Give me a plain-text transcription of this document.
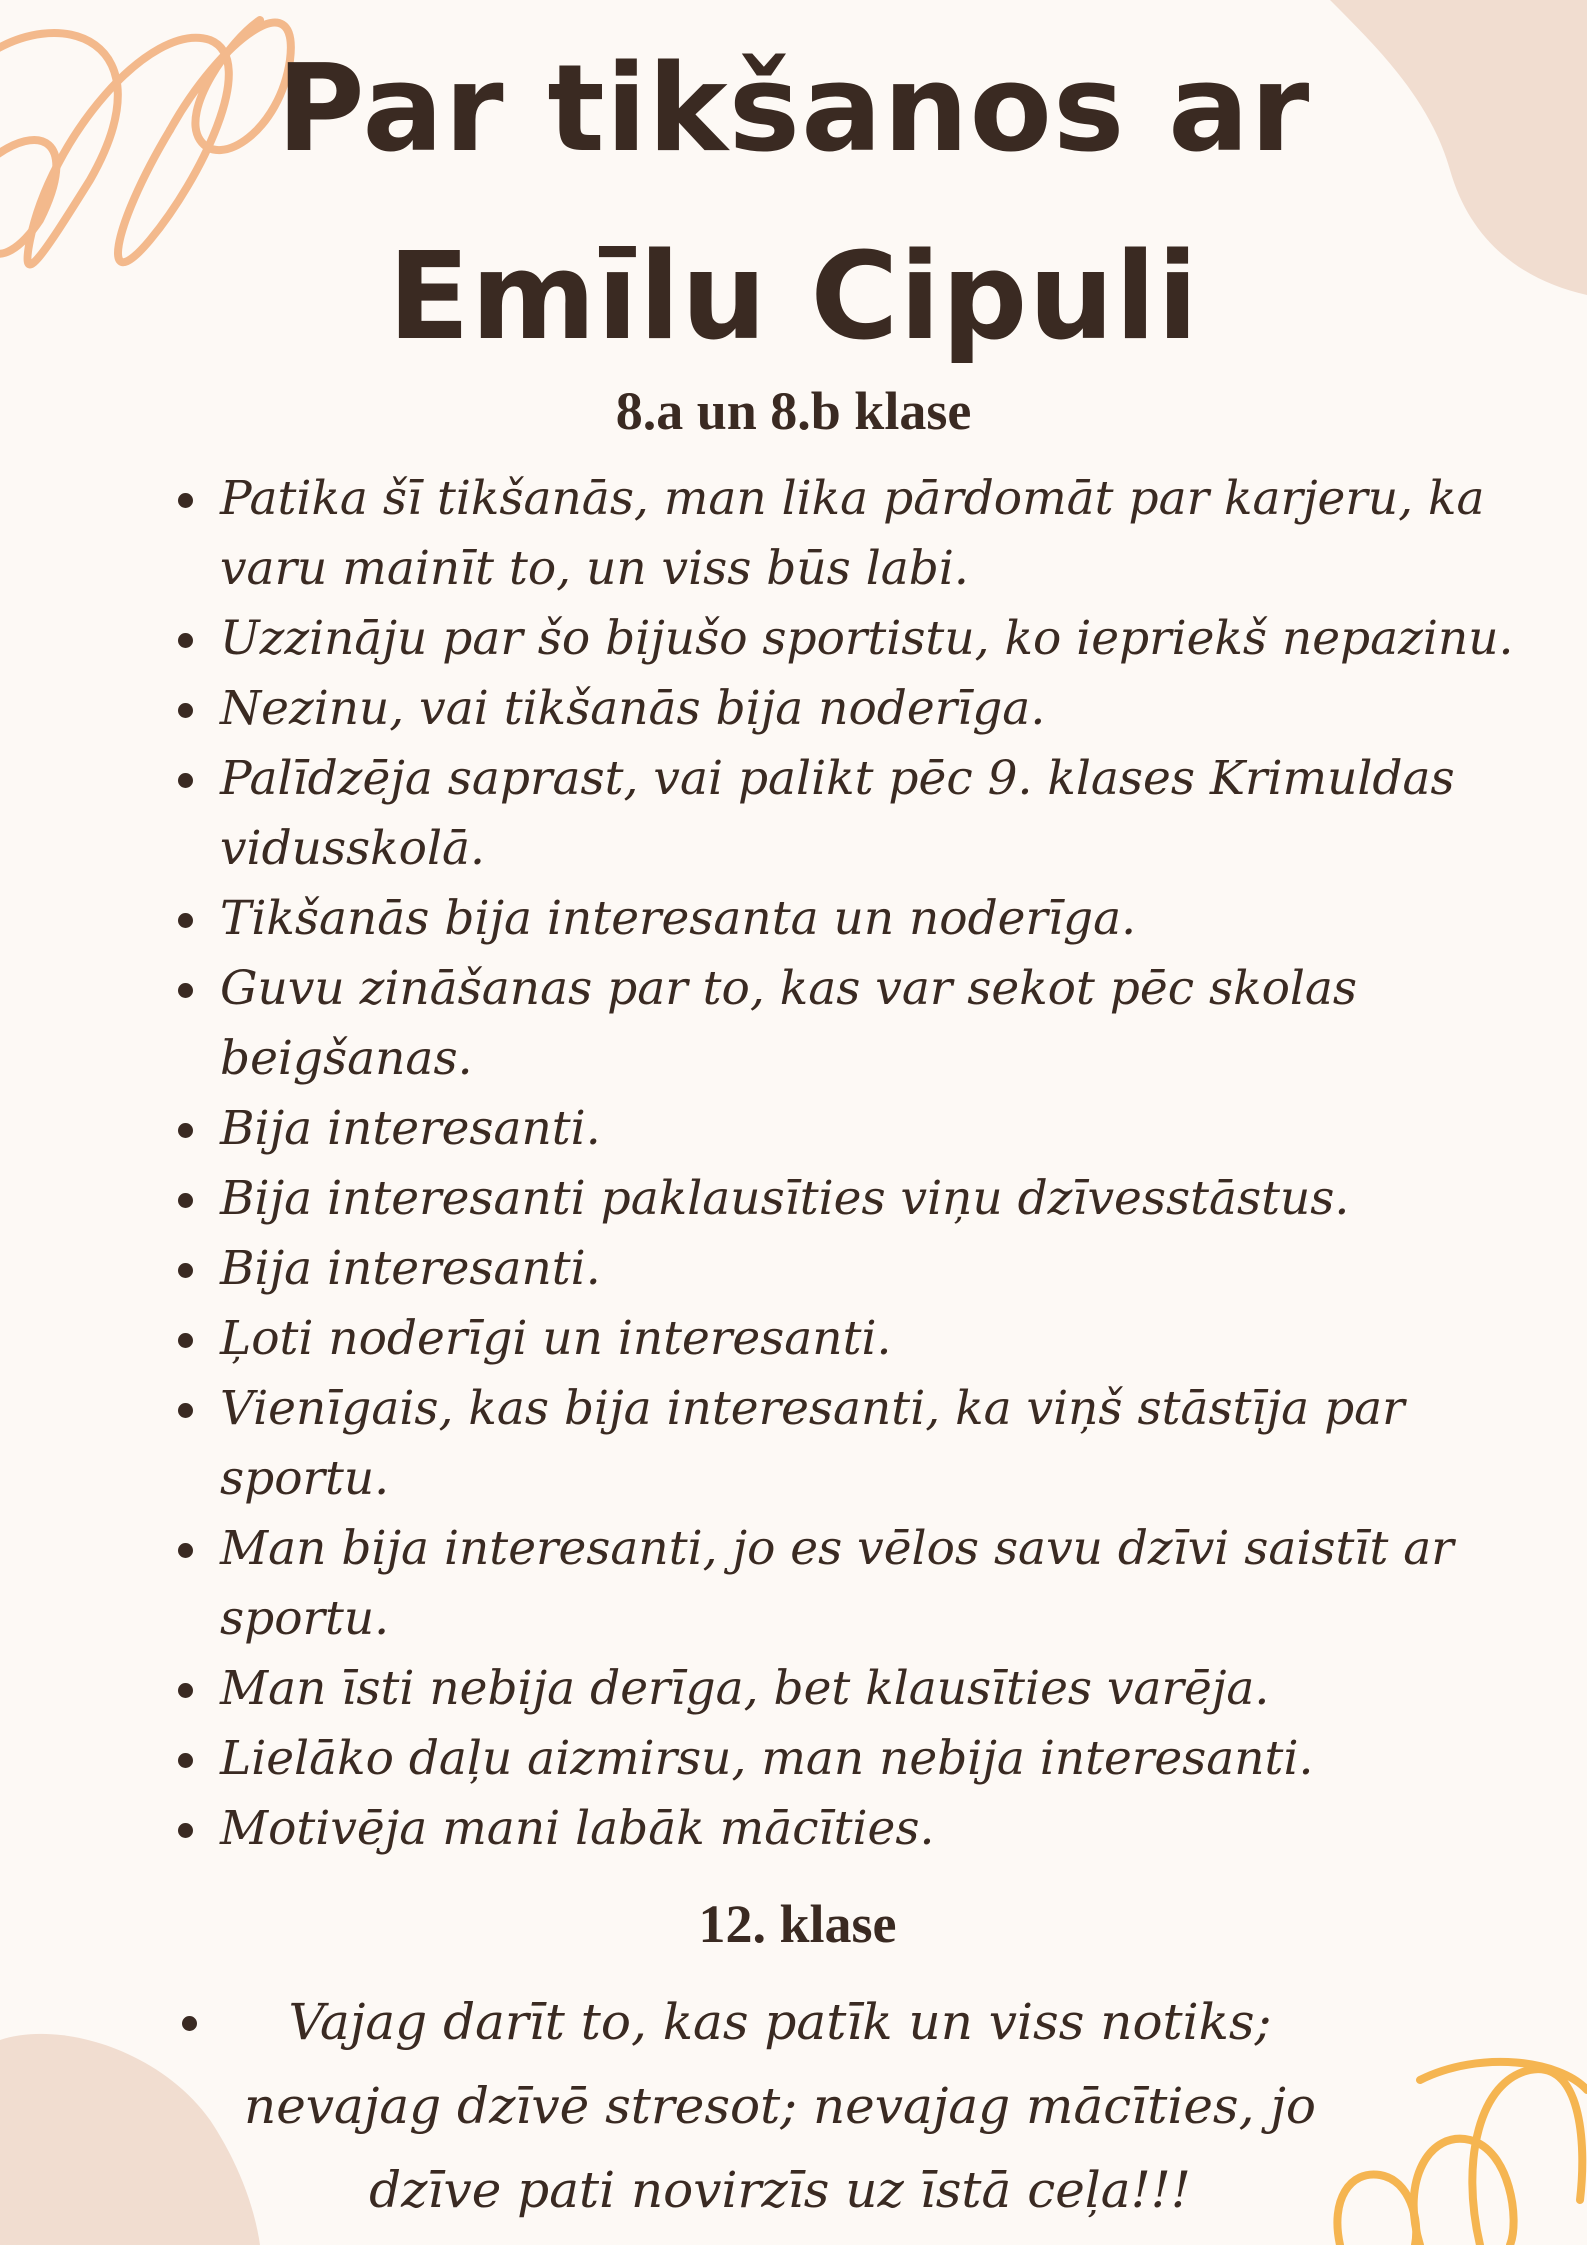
Par tikšanos ar
Emīlu Cipuli
8.a un 8.b klase
Patika šī tikšanās, man lika pārdomāt par karjeru, ka varu mainīt to, un viss būs labi.
Uzzināju par šo bijušo sportistu, ko iepriekš nepazinu.
Nezinu, vai tikšanās bija noderīga.
Palīdzēja saprast, vai palikt pēc 9. klases Krimuldas vidusskolā.
Tikšanās bija interesanta un noderīga.
Guvu zināšanas par to, kas var sekot pēc skolas beigšanas.
Bija interesanti.
Bija interesanti paklausīties viņu dzīvesstāstus.
Bija interesanti.
Ļoti noderīgi un interesanti.
Vienīgais, kas bija interesanti, ka viņš stāstīja par sportu.
Man bija interesanti, jo es vēlos savu dzīvi saistīt ar sportu.
Man īsti nebija derīga, bet klausīties varēja.
Lielāko daļu aizmirsu, man nebija interesanti.
Motivēja mani labāk mācīties.
12. klase
Vajag darīt to, kas patīk un viss notiks; nevajag dzīvē stresot; nevajag mācīties, jo dzīve pati novirzīs uz īstā ceļa!!!
